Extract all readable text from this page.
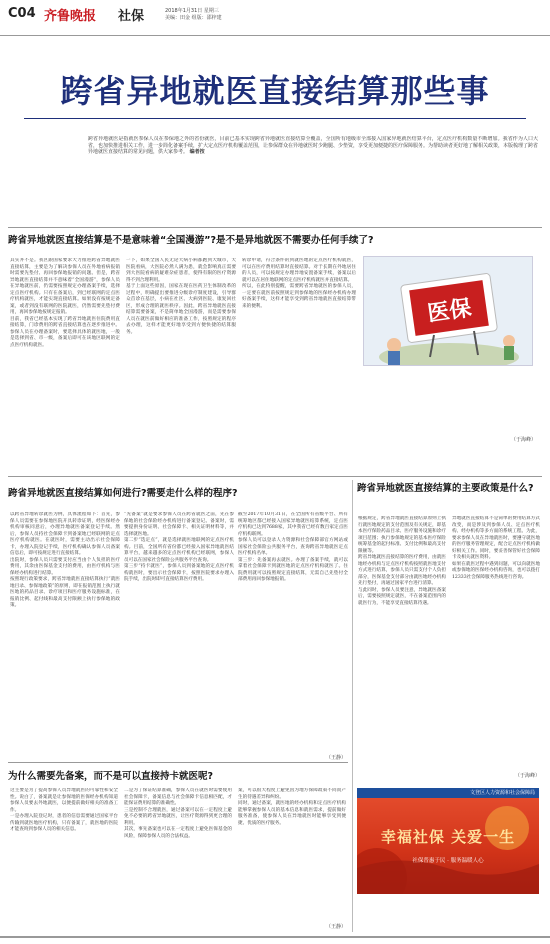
C04 齐鲁晚报 社保	2018年1月31日 星期三
美编：田金 组版：邵梓建
跨省异地就医直接结算那些事
跨省异地就医是指就医参保人员在参保地之外的省份就医，目前已基本实现跨省异地就医直接结算全覆盖，全国所有地级市全部接入国家异地就医结算平台，定点医疗机构数量不断增加。我省作为人口大省，也加快推进相关工作，进一步简化备案手续，扩大定点医疗机构覆盖范围，让参保群众在异地就医时少跑腿、少垫资，享受更加便捷的医疗保障服务。为帮助读者更好地了解相关政策，本版梳理了跨省异地就医直接结算的常见问题，供大家参考。 编者按
跨省异地就医直接结算是不是意味着“全国漫游”?是不是异地就医不需要办任何手续了?
其实并不是。我区跟国家要求大力推进跨省异地就医直接结算，主要是为了解决参保人员在外地看病报销时需要先垫付、再回参保地报销的问题。但是，跨省异地就医直接结算并不意味着“全国漫游”，参保人员在异地就医前，仍需要按照规定办理备案手续，选择定点医疗机构。只有在备案后，到已经联网的定点医疗机构就医，才能实现直接结算。如果没有按规定备案，或者到没有联网的医院就医，仍然需要先垫付费用，再回参保地按规定报销。
目前，我省已经基本实现了跨省异地就医住院费用直接结算，门诊费用的跨省直接结算也在逐步推进中。参保人员在办理备案时，要选择具体的就医地，一般是选择到省、市一级，备案后即可在该地区联网的定点医疗机构就医。
一下，如果全国人民无论大病小病都跑到大城市，大医院看病，大医院必然人满为患，就会影响真正需要到大医院看病的疑难杂症患者，使得有限的医疗资源得不到合理利用。
基于上面这些原因，国家在现在医药卫生体制改革的过程中，明确提出要推进分级诊疗制度建设，引导群众首诊在基层，小病在社区、大病到医院、康复回社区，形成合理的就医秩序。因此，跨省异地就医直接结算需要备案，不是简单地全国漫游，而是需要参保人员在就医前做好相应的准备工作，按照规定的程序去办理，这样才能更好地享受到方便快捷的结算服务。
转诊申请，符合条件的到就医地的定点医疗机构就医，可以在医疗费用结算时直接结算。对于长期在外地居住的人员，可以按规定办理异地安置备案手续，备案以后就可以在居住地联网的定点医疗机构就医并直接结算。
所以，在此特别提醒，需要跨省异地就医的参保人员，一定要在就医前按照规定到参保地的医保经办机构办理好备案手续，这样才能享受到跨省异地就医直接结算带来的便利。
（于海峰）
医保
跨省异地就医直接结算如何进行?需要走什么样的程序?
以跨省异地转诊就医为例，具体流程如下：首先，参保人员需要在参保地医院开具转诊证明，经医保经办机构审核同意后，办理异地就医备案登记手续。然后，参保人员持社会保障卡到备案地已经联网的定点医疗机构就医。在就医时，需要主动出示社会保障卡，办理入院登记手续，医疗机构确认参保人员备案信息后，即可按规定进行直接结算。
出院时，参保人员只需要支付应当由个人负担的医疗费用，其余由医保基金支付的费用，由医疗机构与医保经办机构进行结算。
按照现行政策要求，跨省异地就医直接结算执行“就医地目录、参保地政策”的原则，即在报销范围上执行就医地的药品目录、诊疗项目和医疗服务设施标准，在报销比例、起付线和最高支付限额上执行参保地的政策。
“先备案”就是要求参保人员在跨省就医之前，先在参保地的社会保险经办机构进行备案登记。备案时，需要提供身份证明、社会保障卡、相关证明材料等，并选择就医地。
第二步“选定点”，就是选择就医地联网的定点医疗机构。目前，全国所有省份都已经接入国家异地就医结算平台，越来越多的定点医疗机构已经联网，参保人员可以在国家社会保险公共服务平台查询。
第三步“持卡就医”，参保人员到备案地的定点医疗机构就医时，要出示社会保障卡，按照医院要求办理入院手续，出院时即可直接结算医疗费用。
截至2017年10月31日，在全国所有省级平台、所有统筹地区都已经接入国家异地就医结算系统，定点医疗机构已达到7688家，其中我省已经有数百家定点医疗机构联网。
参保人员可以登录人力资源和社会保障部官方网站或国家社会保险公共服务平台，查询跨省异地就医定点医疗机构名单。
第三步：先备案再去就医。办理了备案手续，就可以拿着社会保障卡到就医地的定点医疗机构就医了。住院费用就可以按照规定直接结算，无需自己先垫付全部费用再回参保地报销。
（王静）
跨省异地就医直接结算的主要政策是什么?
根据规定，跨省异地就医直接结算原则上执行就医地规定的支付范围及有关规定，即基本医疗保险药品目录、医疗服务设施和诊疗项目范围；执行参保地规定的基本医疗保险统筹基金的起付标准、支付比例和最高支付限额等。
跨省异地就医直接结算的医疗费用，由就医地经办机构与定点医疗机构按照就医地支付方式进行结算，参保人员只需支付个人负担部分，医保基金支付部分由就医地经办机构先行垫付，再通过国家平台进行清算。
与此同时，参保人员要注意，异地就医备案后，需要按照规定就医，不在备案范围内的就医行为，不能享受直接结算待遇。
异地就医直接结算不是简单的费用结算方式改变，而是涉及到参保人员、定点医疗机构、经办机构等多方面的系统工程。为此，要求参保人员在异地就医时，要遵守就医地的医疗服务管理规定，配合定点医疗机构做好相关工作。同时，要妥善保管好社会保障卡及相关就医资料。
如果在就医过程中遇到问题，可以向就医地或参保地的医保经办机构咨询，也可以拨打12333社会保障服务热线进行咨询。
（于海峰）
为什么需要先备案，而不是可以直接持卡就医呢?
这主要是为了提高参保人员异地就医的可靠性和安全性。说白了，备案就是让参保地的医保经办机构知道参保人员要去外地就医，以便提前做好相关的准备工作。
一是办理入院登记时，患者的信息需要通过国家平台传输到就医地医疗机构，只有备案了，就医地的医院才能查询到参保人员的相关信息。
二是为了保证结算准确，参保人员在就医时需要使用社会保障卡，备案信息与社会保障卡信息相匹配，才能保证费用结算的准确性。
三是控制不合理就医，通过备案可以在一定程度上避免不必要的跨省异地就医，让医疗资源得到更合理的利用。
其次，事先备案也可以在一定程度上避免医保基金的风险，保障参保人员的合法权益。
案，可以很大程度上避免因为地方保障政策不同而产生的待遇差异和纠纷。
同时，通过备案，就医地的经办机构和定点医疗机构能够掌握参保人员的基本信息和就医需求，提前做好服务准备，使参保人员在异地就医时能够享受到便捷、优质的医疗服务。
（王静）
文登区人力资源和社会保障局
幸福社保 关爱一生
社保普惠于民 · 服务温暖人心
